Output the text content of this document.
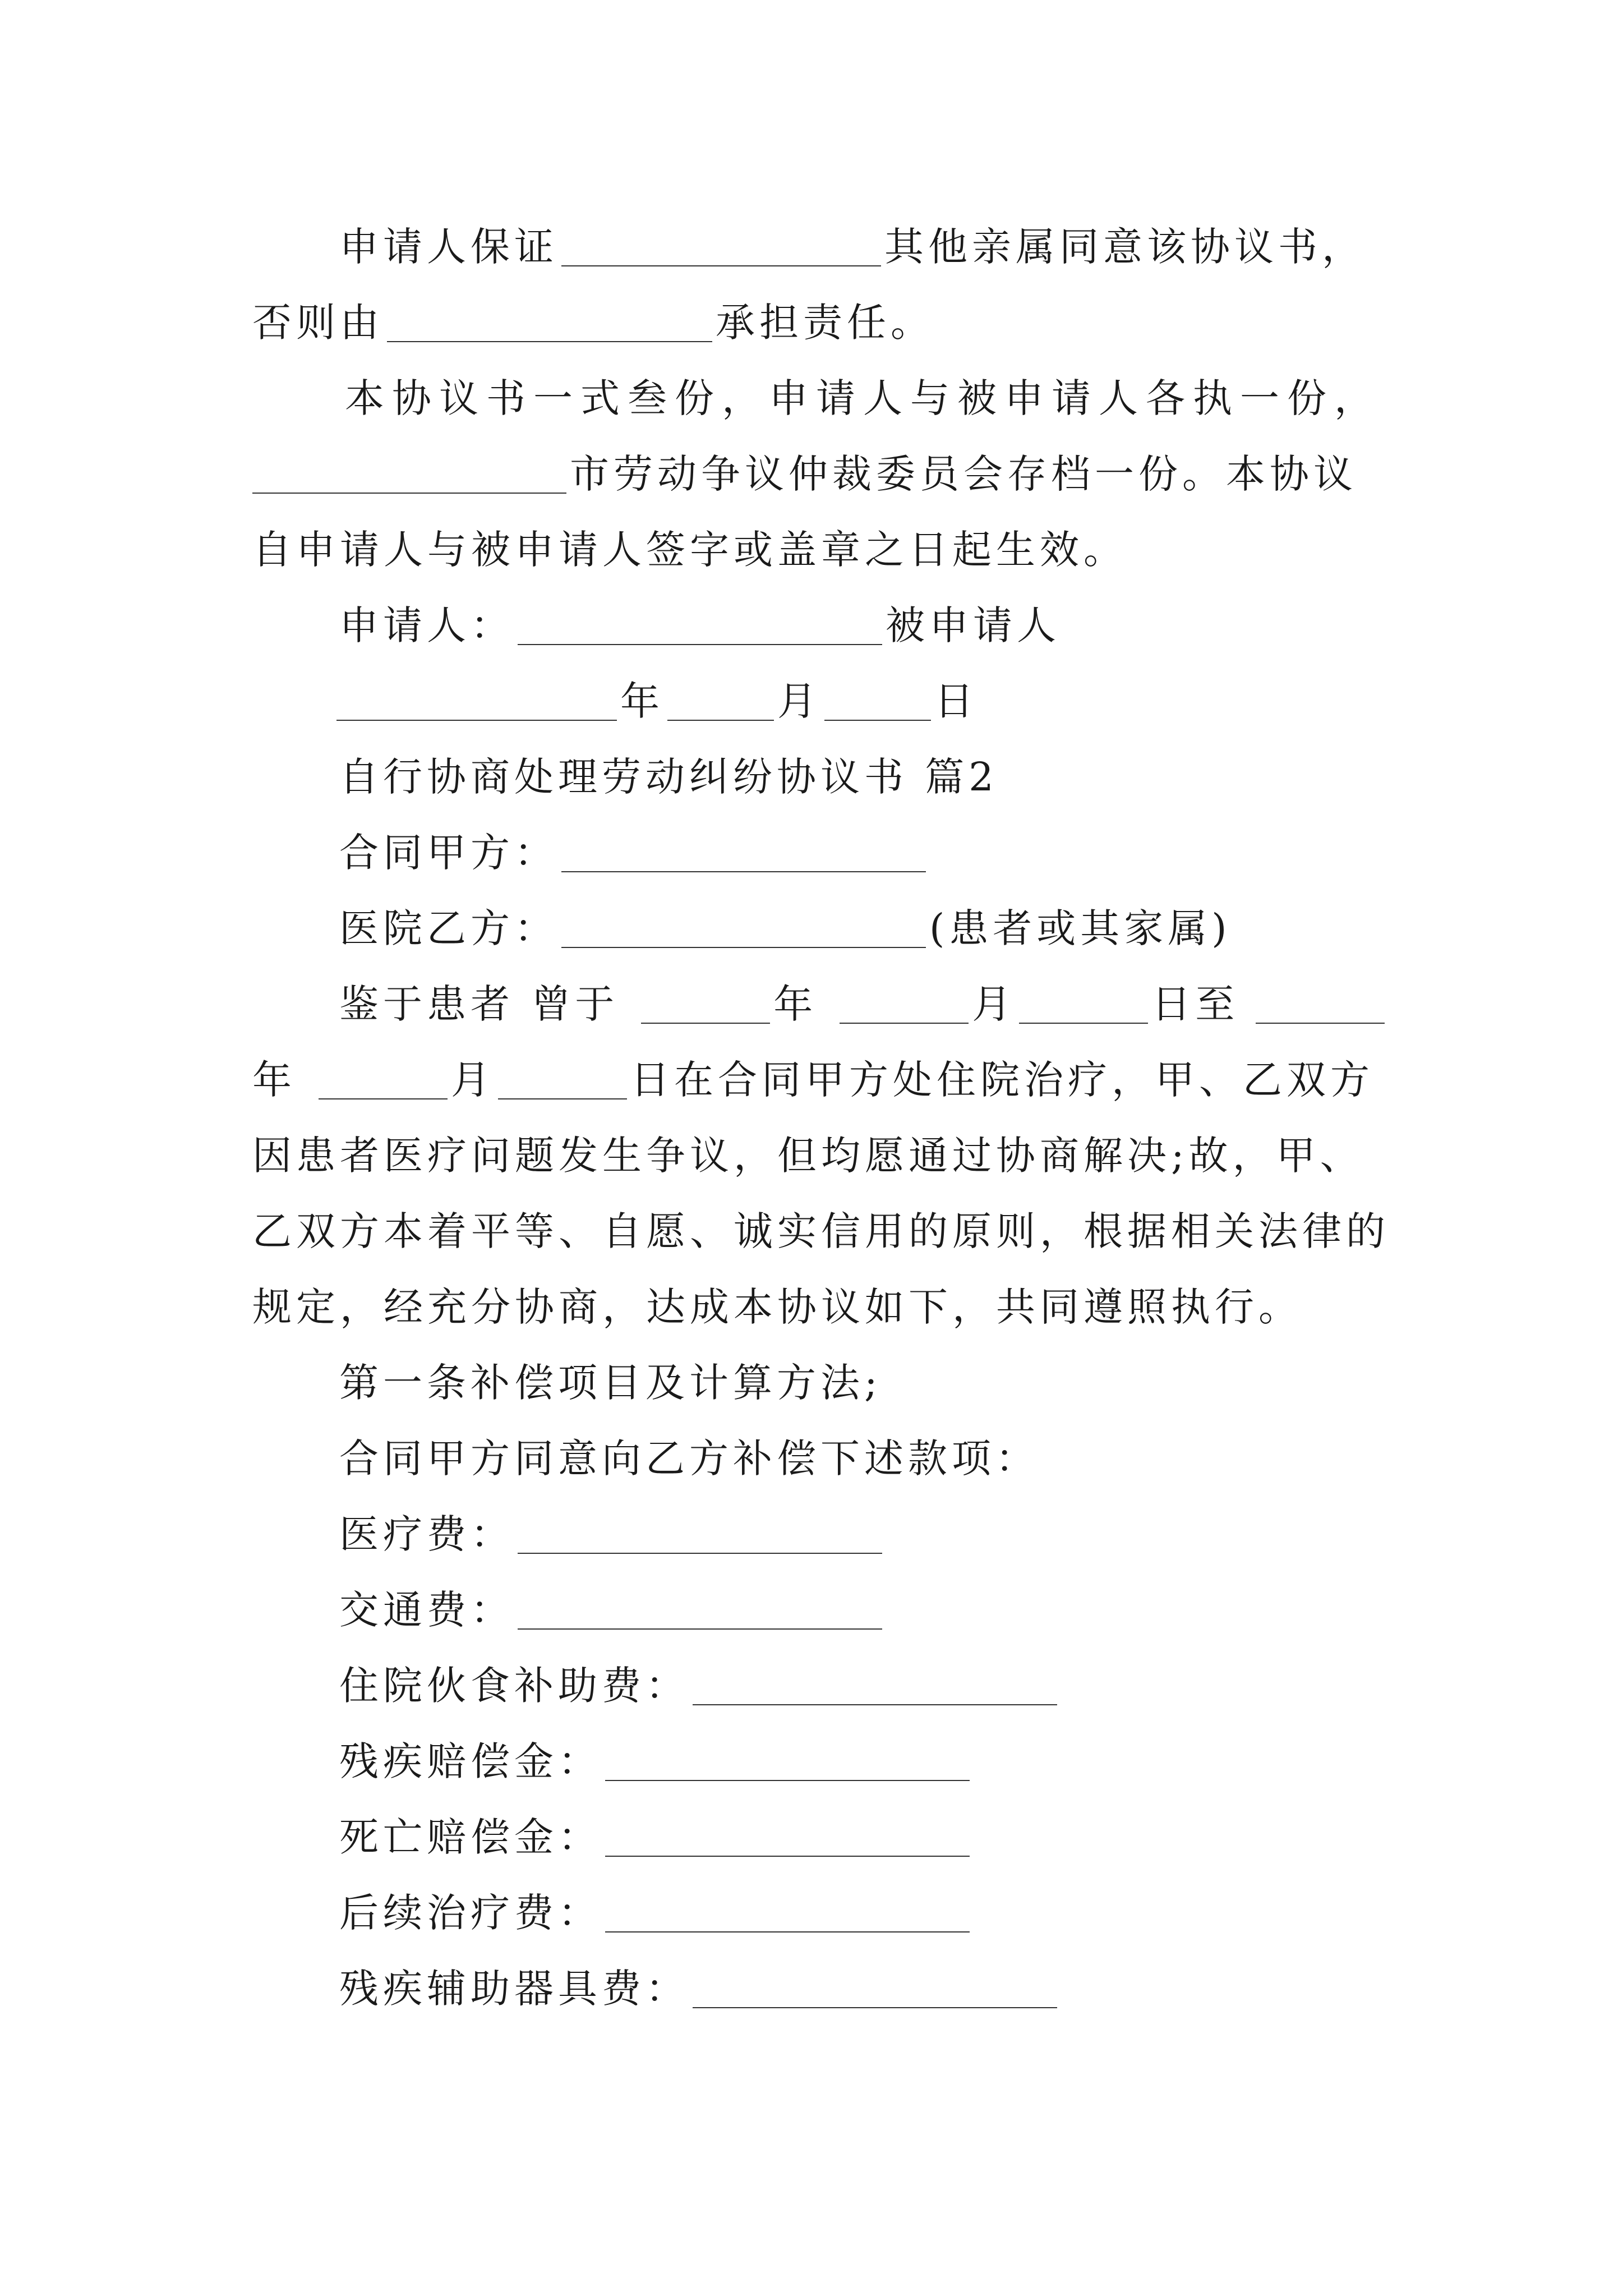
申请人保证	其他亲属同意该协议书，
否则由	承担责任。
本协议书一式叁份，申请人与被申请人各执一份，
市劳动争议仲裁委员会存档一份。本协议
自申请人与被申请人签字或盖章之日起生效。
申请人：	被申请人
年	月	日
自行协商处理劳动纠纷协议书 篇2
合同甲方：
医院乙方：	(患者或其家属)
鉴于患者 曾于	年	月	日至
年	月	日在合同甲方处住院治疗，甲、乙双方
因患者医疗问题发生争议，但均愿通过协商解决;故，甲、
乙双方本着平等、自愿、诚实信用的原则，根据相关法律的
规定，经充分协商，达成本协议如下，共同遵照执行。
第一条补偿项目及计算方法;
合同甲方同意向乙方补偿下述款项：
医疗费：
交通费：
住院伙食补助费：
残疾赔偿金：
死亡赔偿金：
后续治疗费：
残疾辅助器具费：
